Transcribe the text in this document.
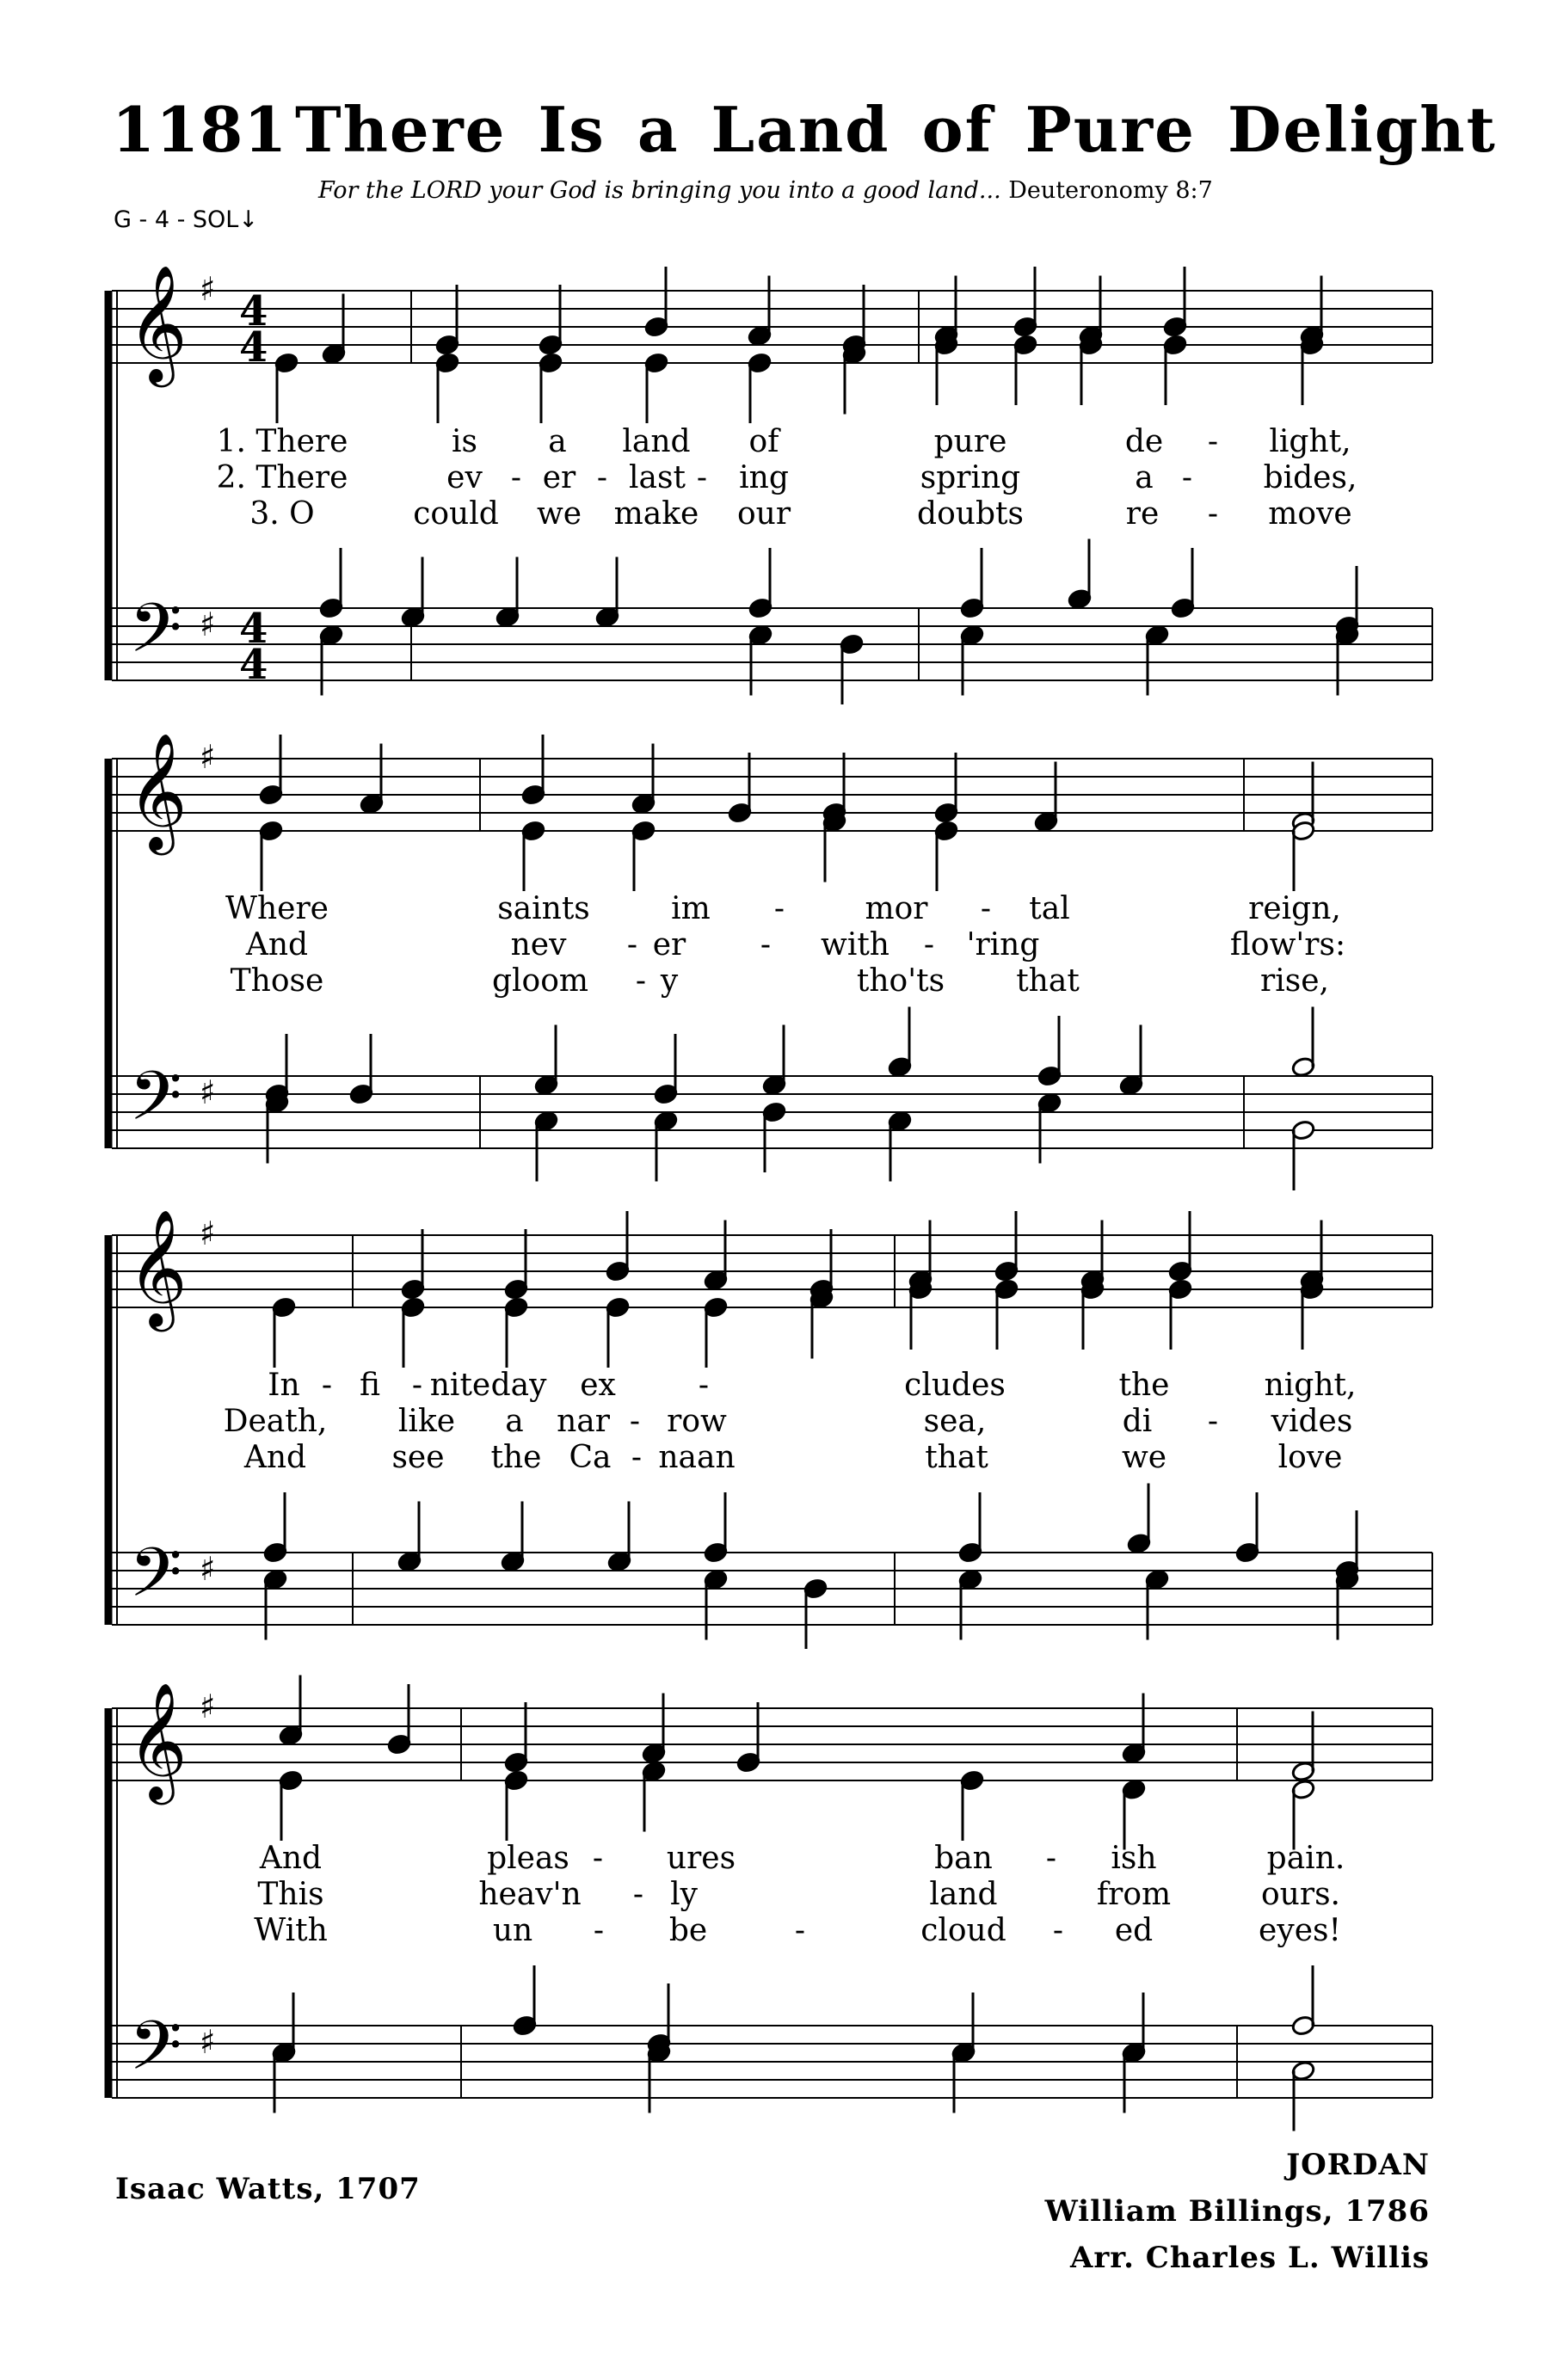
1181 There Is a Land of Pure Delight
For the LORD your God is bringing you into a good land... Deuteronomy 8:7
G - 4 - SOL↓
𝄞
𝄢
♯
♯
4
4
4
4
1. There	is a land of	pure	de - light,
2. There	ev - er - last - ing	spring	a - bides,
3. O	could we make our	doubts	re - move
𝄞
𝄢
♯
♯
Where	saints	im -	mor - tal	reign,
And	nev - er - with - 'ring	flow'rs:
Those	gloom - y	tho'ts that	rise,
𝄞
𝄢
♯
♯
In - fi - nite day ex	-	cludes	the	night,
Death, like a nar - row	sea,	di - vides
And	see the Ca - naan	that	we	love
𝄞
𝄢
♯
♯
And	pleas - ures	ban - ish	pain.
This	heav'n - ly	land	from	ours.
With	un - be	-	cloud - ed	eyes!
Isaac Watts, 1707
JORDAN
William Billings, 1786
Arr. Charles L. Willis
